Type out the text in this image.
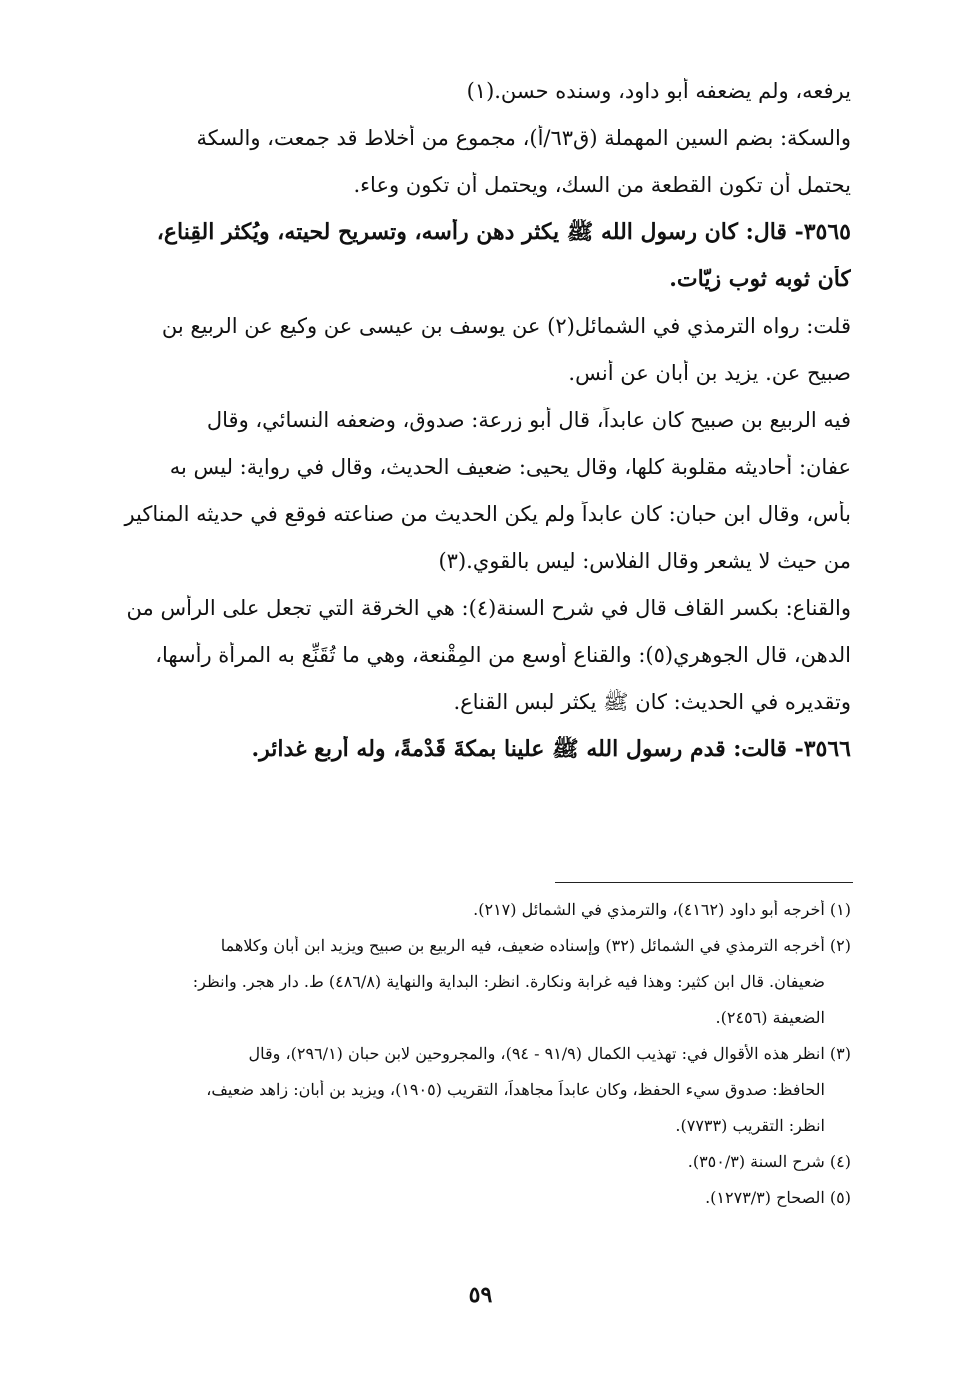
يرفعه، ولم يضعفه أبو داود، وسنده حسن.(١)
والسكة: بضم السين المهملة (ق٦٣/أ)، مجموع من أخلاط قد جمعت، والسكة
يحتمل أن تكون القطعة من السك، ويحتمل أن تكون وعاء.
٣٥٦٥- قال: كان رسول الله ﷺ يكثر دهن رأسه، وتسريح لحيته، ويُكثر القِناع،
كأن ثوبه ثوب زيّات.
قلت: رواه الترمذي في الشمائل(٢) عن يوسف بن عيسى عن وكيع عن الربيع بن
صبيح عن. يزيد بن أبان عن أنس.
فيه الربيع بن صبيح كان عابداً، قال أبو زرعة: صدوق، وضعفه النسائي، وقال
عفان: أحاديثه مقلوبة كلها، وقال يحيى: ضعيف الحديث، وقال في رواية: ليس به
بأس، وقال ابن حبان: كان عابداً ولم يكن الحديث من صناعته فوقع في حديثه المناكير
من حيث لا يشعر وقال الفلاس: ليس بالقوي.(٣)
والقناع: بكسر القاف قال في شرح السنة(٤): هي الخرقة التي تجعل على الرأس من
الدهن، قال الجوهري(٥): والقناع أوسع من المِقْنعة، وهي ما تُقَنِّع به المرأة رأسها،
وتقديره في الحديث: كان ﷺ يكثر لبس القناع.
٣٥٦٦- قالت: قدم رسول الله ﷺ علينا بمكةَ قَدْمةً، وله أربع غدائر.
(١) أخرجه أبو داود (٤١٦٢)، والترمذي في الشمائل (٢١٧).
(٢) أخرجه الترمذي في الشمائل (٣٢) وإسناده ضعيف، فيه الربيع بن صبيح ويزيد ابن أبان وكلاهما
ضعيفان. قال ابن كثير: وهذا فيه غرابة ونكارة. انظر: البداية والنهاية (٤٨٦/٨) ط. دار هجر. وانظر:
الضعيفة (٢٤٥٦).
(٣) انظر هذه الأقوال في: تهذيب الكمال (٩١/٩ - ٩٤)، والمجروحين لابن حبان (٢٩٦/١)، وقال
الحافظ: صدوق سيء الحفظ، وكان عابداً مجاهداً، التقريب (١٩٠٥)، ويزيد بن أبان: زاهد ضعيف،
انظر: التقريب (٧٧٣٣).
(٤) شرح السنة (٣٥٠/٣).
(٥) الصحاح (١٢٧٣/٣).
٥٩
